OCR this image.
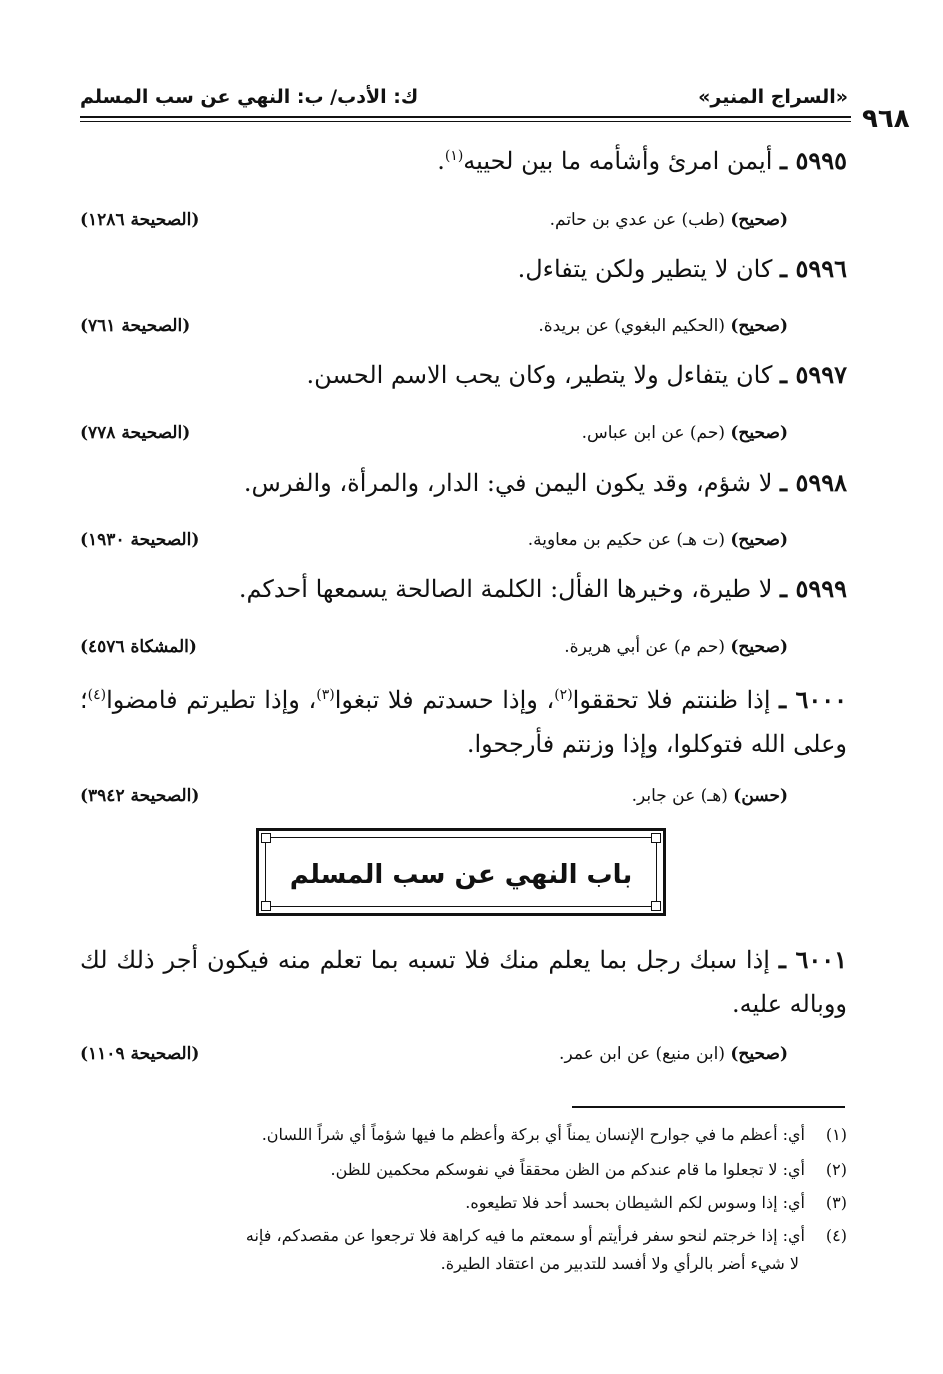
«السراج المنير»
ك: الأدب/ ب: النهي عن سب المسلم
٩٦٨
٥٩٩٥ ـ أيمن امرئ وأشأمه ما بين لحييه$^{(١)}$.
(صحيح) (طب) عن عدي بن حاتم.
(الصحيحة ١٢٨٦)
٥٩٩٦ ـ كان لا يتطير ولكن يتفاءل.
(صحيح) (الحكيم البغوي) عن بريدة.
(الصحيحة ٧٦١)
٥٩٩٧ ـ كان يتفاءل ولا يتطير، وكان يحب الاسم الحسن.
(صحيح) (حم) عن ابن عباس.
(الصحيحة ٧٧٨)
٥٩٩٨ ـ لا شؤم، وقد يكون اليمن في: الدار، والمرأة، والفرس.
(صحيح) (ت هـ) عن حكيم بن معاوية.
(الصحيحة ١٩٣٠)
٥٩٩٩ ـ لا طيرة، وخيرها الفأل: الكلمة الصالحة يسمعها أحدكم.
(صحيح) (حم م) عن أبي هريرة.
(المشكاة ٤٥٧٦)
٦٠٠٠ ـ إذا ظننتم فلا تحققوا$^{(٢)}$، وإذا حسدتم فلا تبغوا$^{(٣)}$، وإذا تطيرتم فامضوا$^{(٤)}$؛ وعلى الله فتوكلوا، وإذا وزنتم فأرجحوا.
(حسن) (هـ) عن جابر.
(الصحيحة ٣٩٤٢)
باب النهي عن سب المسلم
٦٠٠١ ـ إذا سبك رجل بما يعلم منك فلا تسبه بما تعلم منه فيكون أجر ذلك لك ووباله عليه.
(صحيح) (ابن منيع) عن ابن عمر.
(الصحيحة ١١٠٩)
(١)أي: أعظم ما في جوارح الإنسان يمناً أي بركة وأعظم ما فيها شؤماً أي شراً اللسان.
(٢)أي: لا تجعلوا ما قام عندكم من الظن محققاً في نفوسكم محكمين للظن.
(٣)أي: إذا وسوس لكم الشيطان بحسد أحد فلا تطيعوه.
(٤)أي: إذا خرجتم لنحو سفر فرأيتم أو سمعتم ما فيه كراهة فلا ترجعوا عن مقصدكم، فإنه
لا شيء أضر بالرأي ولا أفسد للتدبير من اعتقاد الطيرة.
